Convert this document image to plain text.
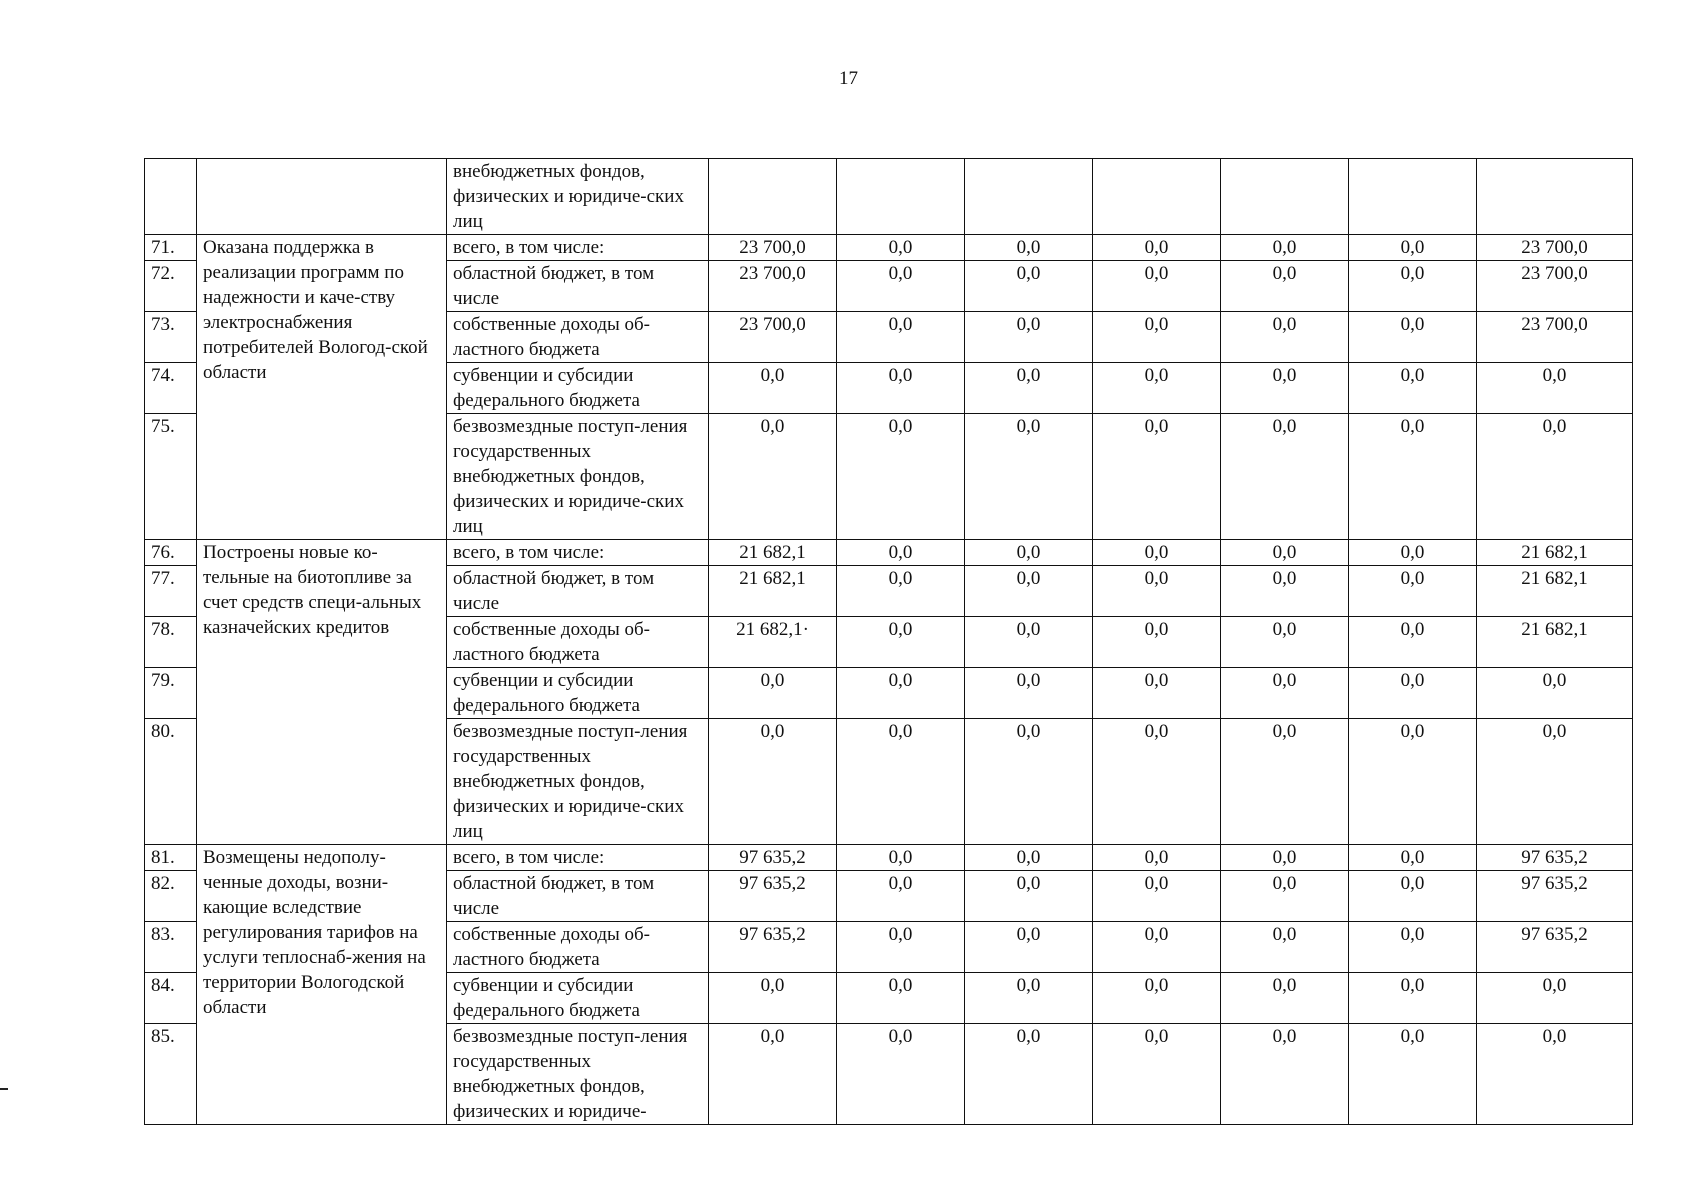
17
		внебюджетных фондов, физических и юридиче-ских лиц							
71.	Оказана поддержка в реализации программ по надежности и каче-ству электроснабжения потребителей Вологод-ской области	всего, в том числе:	23 700,0	0,0	0,0	0,0	0,0	0,0	23 700,0
72.		областной бюджет, в том числе	23 700,0	0,0	0,0	0,0	0,0	0,0	23 700,0
73.		собственные доходы об-ластного бюджета	23 700,0	0,0	0,0	0,0	0,0	0,0	23 700,0
74.		субвенции и субсидии федерального бюджета	0,0	0,0	0,0	0,0	0,0	0,0	0,0
75.		безвозмездные поступ-ления государственных внебюджетных фондов, физических и юридиче-ских лиц	0,0	0,0	0,0	0,0	0,0	0,0	0,0
76.	Построены новые ко-тельные на биотопливе за счет средств специ-альных казначейских кредитов	всего, в том числе:	21 682,1	0,0	0,0	0,0	0,0	0,0	21 682,1
77.		областной бюджет, в том числе	21 682,1	0,0	0,0	0,0	0,0	0,0	21 682,1
78.		собственные доходы об-ластного бюджета	21 682,1·	0,0	0,0	0,0	0,0	0,0	21 682,1
79.		субвенции и субсидии федерального бюджета	0,0	0,0	0,0	0,0	0,0	0,0	0,0
80.		безвозмездные поступ-ления государственных внебюджетных фондов, физических и юридиче-ских лиц	0,0	0,0	0,0	0,0	0,0	0,0	0,0
81.	Возмещены недополу-ченные доходы, возни-кающие вследствие регулирования тарифов на услуги теплоснаб-жения на территории Вологодской области	всего, в том числе:	97 635,2	0,0	0,0	0,0	0,0	0,0	97 635,2
82.		областной бюджет, в том числе	97 635,2	0,0	0,0	0,0	0,0	0,0	97 635,2
83.		собственные доходы об-ластного бюджета	97 635,2	0,0	0,0	0,0	0,0	0,0	97 635,2
84.		субвенции и субсидии федерального бюджета	0,0	0,0	0,0	0,0	0,0	0,0	0,0
85.		безвозмездные поступ-ления государственных внебюджетных фондов, физических и юридиче-	0,0	0,0	0,0	0,0	0,0	0,0	0,0
